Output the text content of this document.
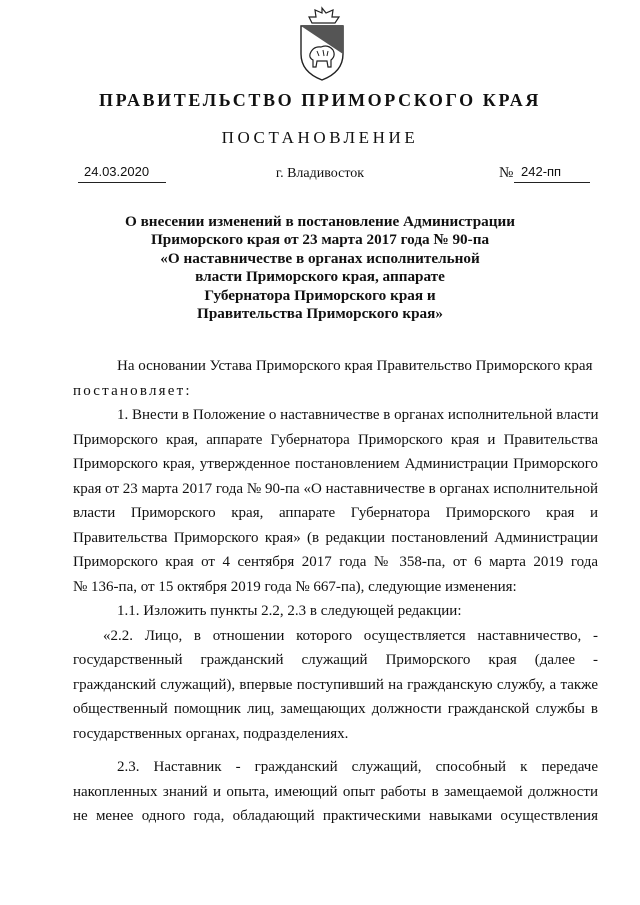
ПРАВИТЕЛЬСТВО ПРИМОРСКОГО КРАЯ
ПОСТАНОВЛЕНИЕ
24.03.2020	г. Владивосток	№ 242-пп
О внесении изменений в постановление Администрации
Приморского края от 23 марта 2017 года № 90-па
«О наставничестве в органах исполнительной
власти Приморского края, аппарате
Губернатора Приморского края и
Правительства Приморского края»
На основании Устава Приморского края Правительство Приморского края
постановляет:
1. Внести в Положение о наставничестве в органах исполнительной власти
Приморского края, аппарате Губернатора Приморского края и Правительства
Приморского края, утвержденное постановлением Администрации Приморского
края от 23 марта 2017 года № 90-па «О наставничестве в органах исполнительной
власти Приморского края, аппарате Губернатора Приморского края и
Правительства Приморского края» (в редакции постановлений Администрации
Приморского края от 4 сентября 2017 года № 358-па, от 6 марта 2019 года
№ 136-па, от 15 октября 2019 года № 667-па), следующие изменения:
1.1. Изложить пункты 2.2, 2.3 в следующей редакции:
«2.2. Лицо, в отношении которого осуществляется наставничество, -
государственный гражданский служащий Приморского края (далее -
гражданский служащий), впервые поступивший на гражданскую службу, а также
общественный помощник лиц, замещающих должности гражданской службы в
государственных органах, подразделениях.
2.3. Наставник - гражданский служащий, способный к передаче
накопленных знаний и опыта, имеющий опыт работы в замещаемой должности
не менее одного года, обладающий практическими навыками осуществления
